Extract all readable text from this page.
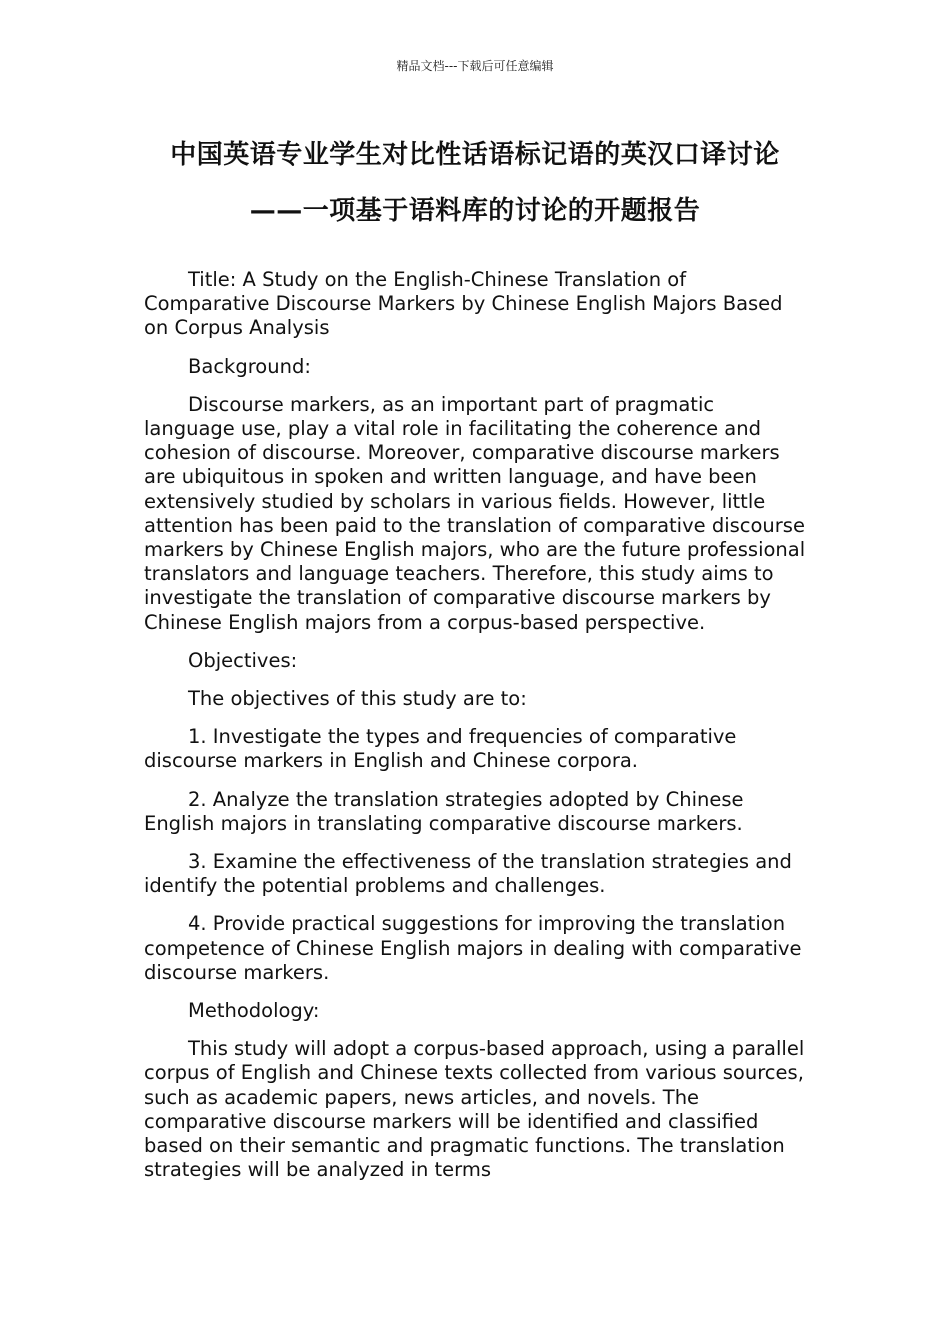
精品文档---下载后可任意编辑
中国英语专业学生对比性话语标记语的英汉口译讨论
——一项基于语料库的讨论的开题报告

Title: A Study on the English-Chinese Translation of Comparative Discourse Markers by Chinese English Majors Based on Corpus Analysis

Background:

Discourse markers, as an important part of pragmatic language use, play a vital role in facilitating the coherence and cohesion of discourse. Moreover, comparative discourse markers are ubiquitous in spoken and written language, and have been extensively studied by scholars in various fields. However, little attention has been paid to the translation of comparative discourse markers by Chinese English majors, who are the future professional translators and language teachers. Therefore, this study aims to investigate the translation of comparative discourse markers by Chinese English majors from a corpus-based perspective.

Objectives:

The objectives of this study are to:

1. Investigate the types and frequencies of comparative discourse markers in English and Chinese corpora.

2. Analyze the translation strategies adopted by Chinese English majors in translating comparative discourse markers.

3. Examine the effectiveness of the translation strategies and identify the potential problems and challenges.

4. Provide practical suggestions for improving the translation competence of Chinese English majors in dealing with comparative discourse markers.

Methodology:

This study will adopt a corpus-based approach, using a parallel corpus of English and Chinese texts collected from various sources, such as academic papers, news articles, and novels. The comparative discourse markers will be identified and classified based on their semantic and pragmatic functions. The translation strategies will be analyzed in terms
